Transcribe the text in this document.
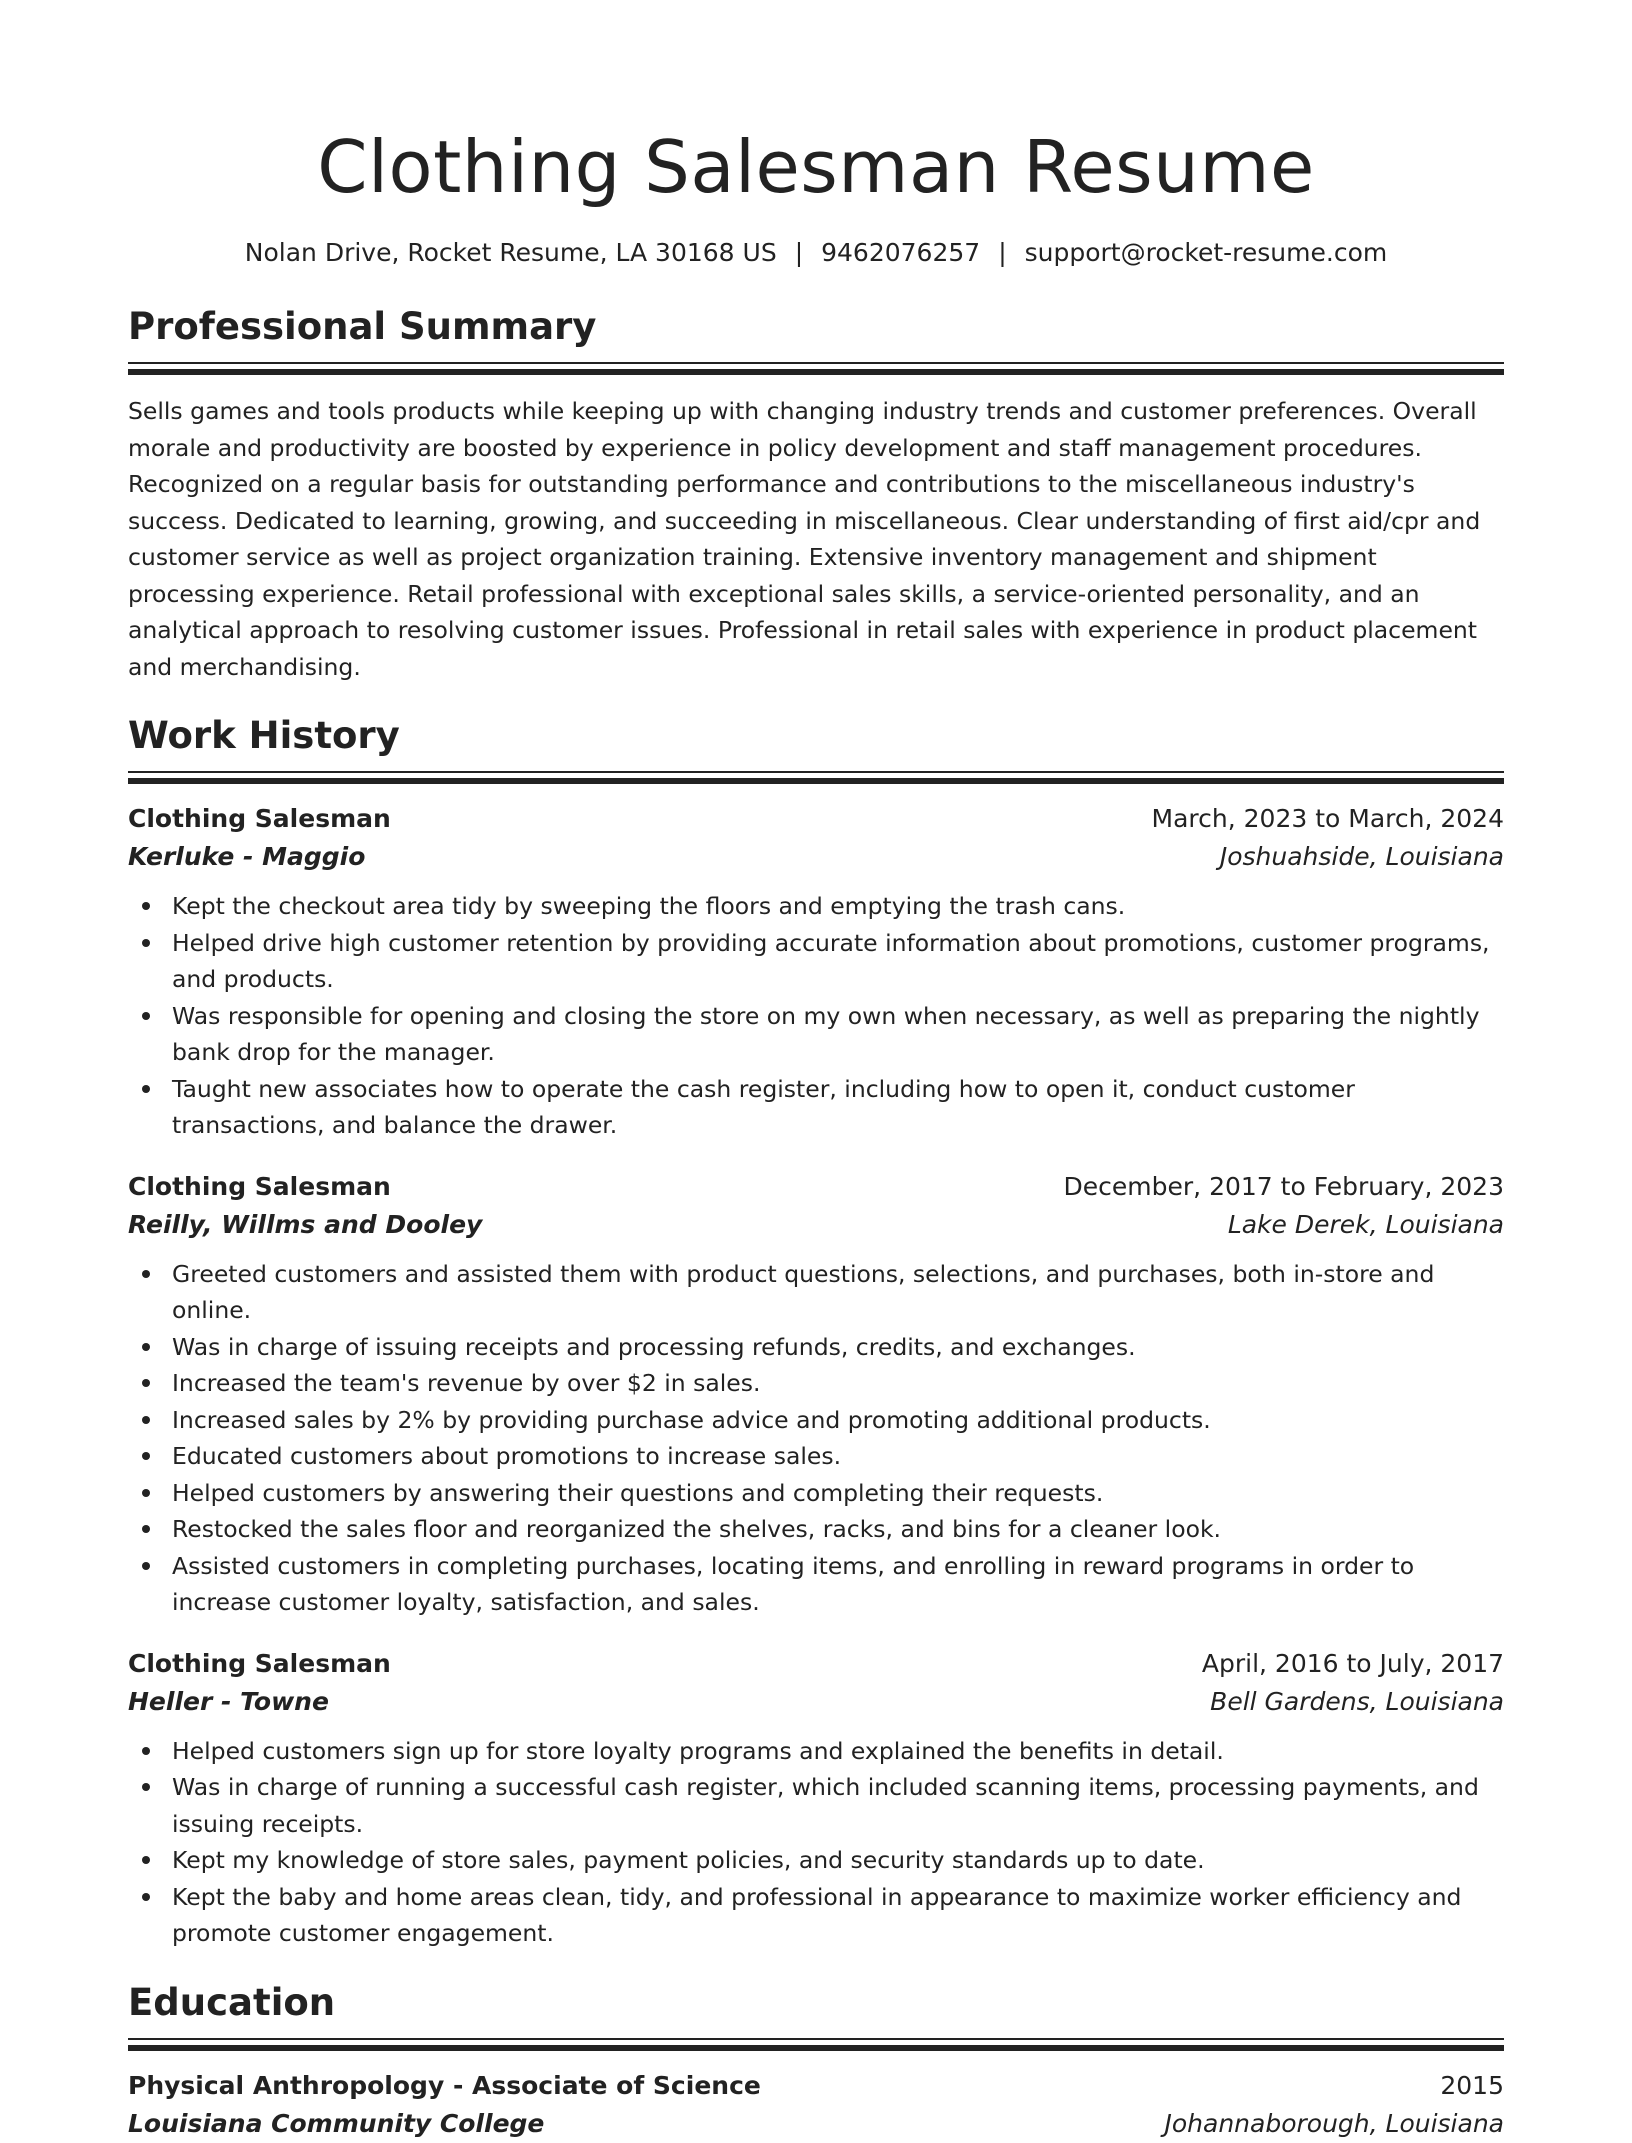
Clothing Salesman Resume
Nolan Drive, Rocket Resume, LA 30168 US | 9462076257 | support@rocket-resume.com
Professional Summary

Sells games and tools products while keeping up with changing industry trends and customer preferences. Overall morale and productivity are boosted by experience in policy development and staff management procedures. Recognized on a regular basis for outstanding performance and contributions to the miscellaneous industry's success. Dedicated to learning, growing, and succeeding in miscellaneous. Clear understanding of first aid/cpr and customer service as well as project organization training. Extensive inventory management and shipment processing experience. Retail professional with exceptional sales skills, a service-oriented personality, and an analytical approach to resolving customer issues. Professional in retail sales with experience in product placement and merchandising.

Work History
Clothing Salesman	March, 2023 to March, 2024
Kerluke - Maggio	Joshuahside, Louisiana
Kept the checkout area tidy by sweeping the floors and emptying the trash cans.
Helped drive high customer retention by providing accurate information about promotions, customer programs, and products.
Was responsible for opening and closing the store on my own when necessary, as well as preparing the nightly bank drop for the manager.
Taught new associates how to operate the cash register, including how to open it, conduct customer transactions, and balance the drawer.
Clothing Salesman	December, 2017 to February, 2023
Reilly, Willms and Dooley	Lake Derek, Louisiana
Greeted customers and assisted them with product questions, selections, and purchases, both in-store and online.
Was in charge of issuing receipts and processing refunds, credits, and exchanges.
Increased the team's revenue by over $2 in sales.
Increased sales by 2% by providing purchase advice and promoting additional products.
Educated customers about promotions to increase sales.
Helped customers by answering their questions and completing their requests.
Restocked the sales floor and reorganized the shelves, racks, and bins for a cleaner look.
Assisted customers in completing purchases, locating items, and enrolling in reward programs in order to increase customer loyalty, satisfaction, and sales.
Clothing Salesman	April, 2016 to July, 2017
Heller - Towne	Bell Gardens, Louisiana
Helped customers sign up for store loyalty programs and explained the benefits in detail.
Was in charge of running a successful cash register, which included scanning items, processing payments, and issuing receipts.
Kept my knowledge of store sales, payment policies, and security standards up to date.
Kept the baby and home areas clean, tidy, and professional in appearance to maximize worker efficiency and promote customer engagement.
Education
Physical Anthropology - Associate of Science	2015
Louisiana Community College	Johannaborough, Louisiana
